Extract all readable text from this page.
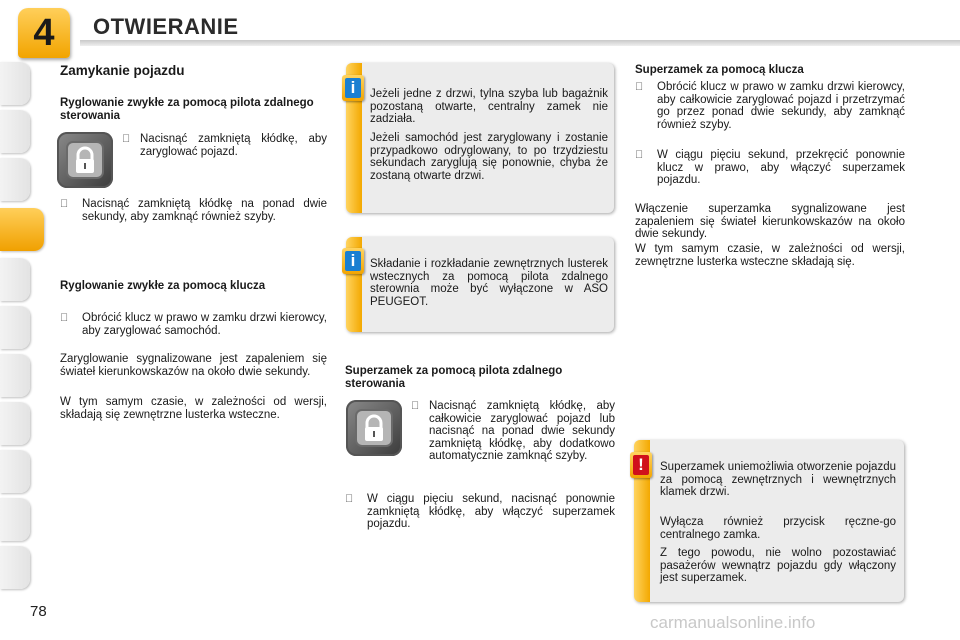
4	OTWIERANIE
Zamykanie pojazdu
Ryglowanie zwykłe za pomocą pilota zdalnego sterowania
Nacisnąć zamkniętą kłódkę, aby zaryglować pojazd.
Nacisnąć zamkniętą kłódkę na ponad dwie sekundy, aby zamknąć również szyby.
Ryglowanie zwykłe za pomocą klucza
Obrócić klucz w prawo w zamku drzwi kierowcy, aby zaryglować samochód.
Zaryglowanie sygnalizowane jest zapaleniem się świateł kierunkowskazów na około dwie sekundy.
W tym samym czasie, w zależności od wersji, składają się zewnętrzne lusterka wsteczne.
Jeżeli jedne z drzwi, tylna szyba lub bagażnik pozostaną otwarte, centralny zamek nie zadziała.
Jeżeli samochód jest zaryglowany i zostanie przypadkowo odryglowany, to po trzydziestu sekundach zaryglują się ponownie, chyba że zostaną otwarte drzwi.
i
Składanie i rozkładanie zewnętrznych lusterek wstecznych za pomocą pilota zdalnego sterownia może być wyłączone w ASO PEUGEOT.
i
Superzamek za pomocą pilota zdalnego sterowania
Nacisnąć zamkniętą kłódkę, aby całkowicie zaryglować pojazd lub nacisnąć na ponad dwie sekundy zamkniętą kłódkę, aby dodatkowo automatycznie zamknąć szyby.
W ciągu pięciu sekund, nacisnąć ponownie zamkniętą kłódkę, aby włączyć superzamek pojazdu.
Superzamek za pomocą klucza
Obrócić klucz w prawo w zamku drzwi kierowcy, aby całkowicie zaryglować pojazd i przetrzymać go przez ponad dwie sekundy, aby zamknąć również szyby.
W ciągu pięciu sekund, przekręcić ponownie klucz w prawo, aby włączyć superzamek pojazdu.
Włączenie superzamka sygnalizowane jest zapaleniem się świateł kierunkowskazów na około dwie sekundy.
W tym samym czasie, w zależności od wersji, zewnętrzne lusterka wsteczne składają się.
Superzamek uniemożliwia otworzenie pojazdu za pomocą zewnętrznych i wewnętrznych klamek drzwi.
Wyłącza również przycisk ręczne-go centralnego zamka.
Z tego powodu, nie wolno pozostawiać pasażerów wewnątrz pojazdu gdy włączony jest superzamek.
!
78
carmanualsonline.info
